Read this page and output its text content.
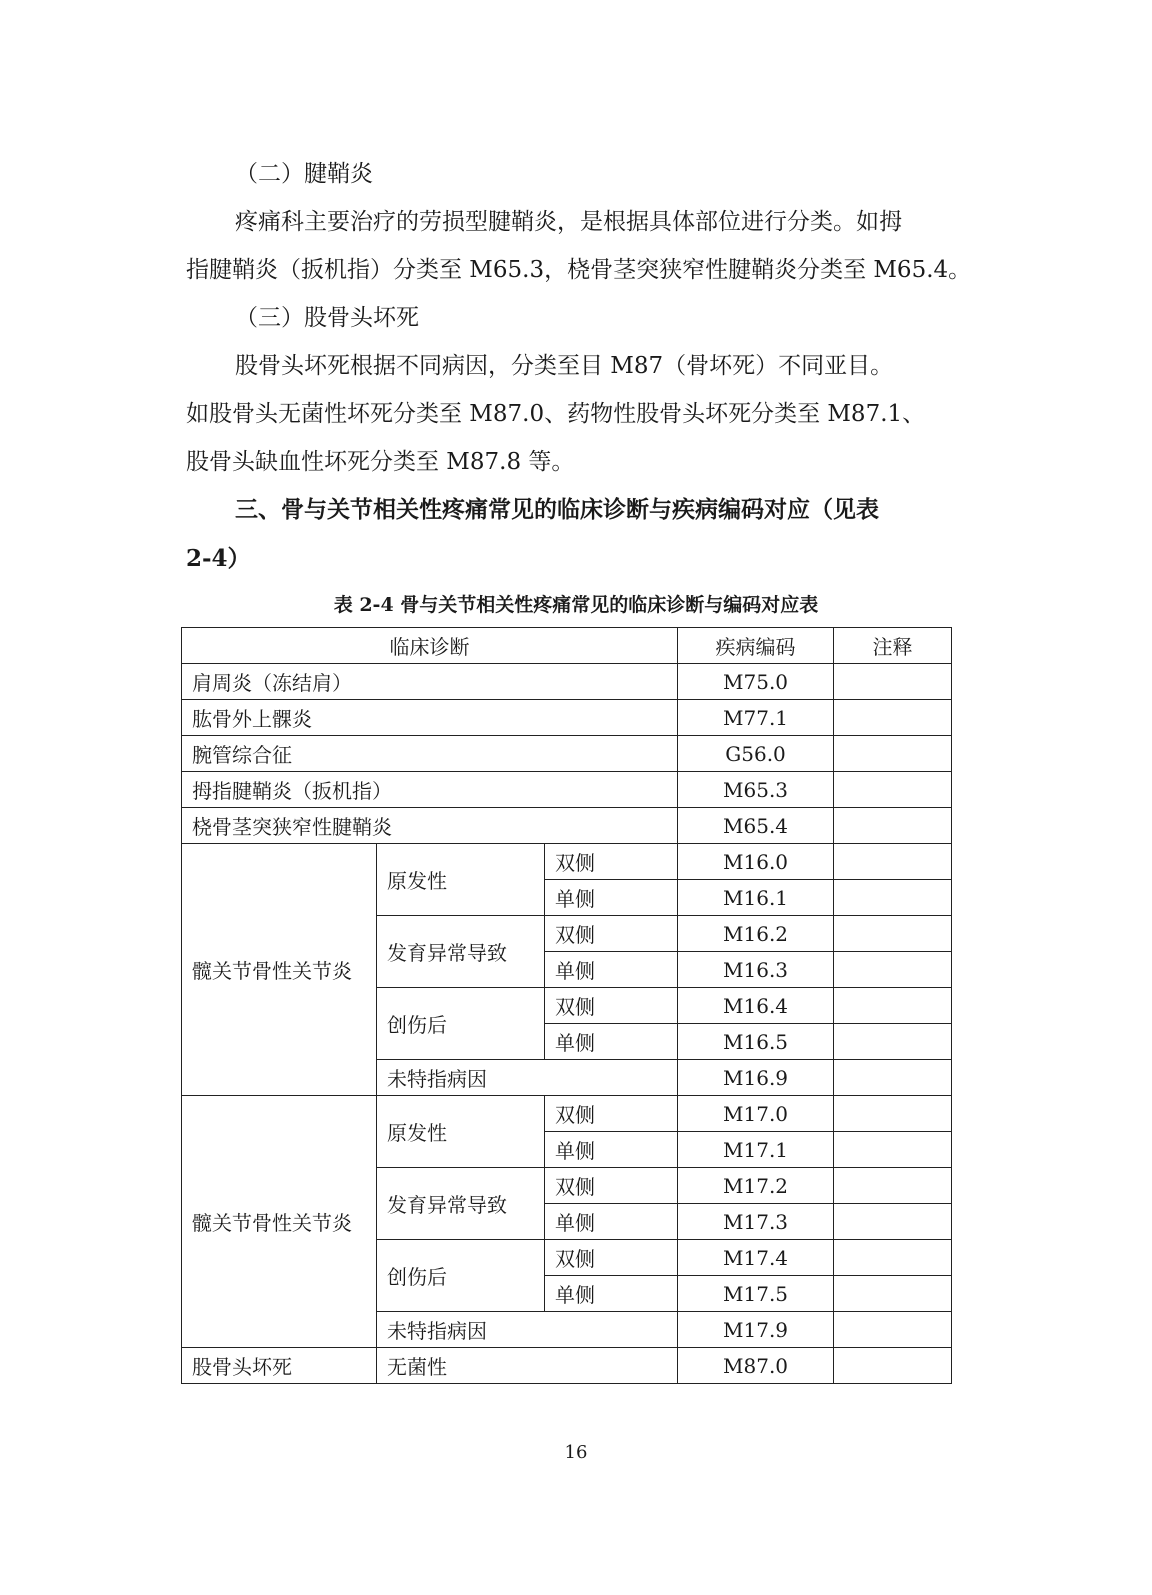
（二）腱鞘炎

疼痛科主要治疗的劳损型腱鞘炎，是根据具体部位进行分类。如拇

指腱鞘炎（扳机指）分类至 M65.3，桡骨茎突狭窄性腱鞘炎分类至 M65.4。

（三）股骨头坏死

股骨头坏死根据不同病因，分类至目 M87（骨坏死）不同亚目。

如股骨头无菌性坏死分类至 M87.0、药物性股骨头坏死分类至 M87.1、

股骨头缺血性坏死分类至 M87.8 等。

三、骨与关节相关性疼痛常见的临床诊断与疾病编码对应（见表

2-4）

表 2-4 骨与关节相关性疼痛常见的临床诊断与编码对应表
临床诊断			疾病编码	注释
肩周炎（冻结肩）			M75.0	
肱骨外上髁炎			M77.1	
腕管综合征			G56.0	
拇指腱鞘炎（扳机指）			M65.3	
桡骨茎突狭窄性腱鞘炎			M65.4	
髋关节骨性关节炎	原发性	双侧	M16.0	
		单侧	M16.1	
	发育异常导致	双侧	M16.2	
		单侧	M16.3	
	创伤后	双侧	M16.4	
		单侧	M16.5	
	未特指病因		M16.9	
髋关节骨性关节炎	原发性	双侧	M17.0	
		单侧	M17.1	
	发育异常导致	双侧	M17.2	
		单侧	M17.3	
	创伤后	双侧	M17.4	
		单侧	M17.5	
	未特指病因		M17.9	
股骨头坏死	无菌性		M87.0	
16
